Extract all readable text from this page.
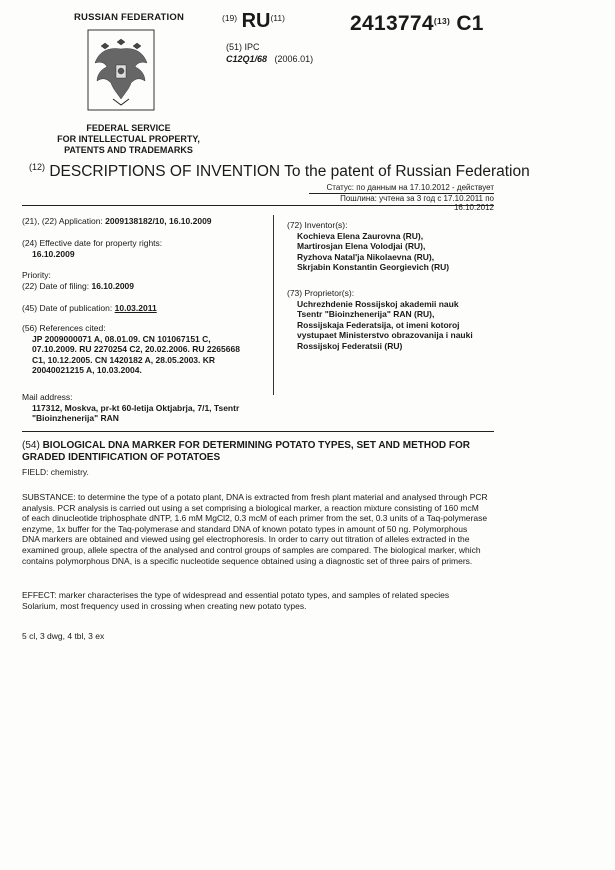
RUSSIAN FEDERATION
FEDERAL SERVICE
FOR INTELLECTUAL PROPERTY,
PATENTS AND TRADEMARKS
$^{(19)}$ RU$^{(11)}$	2413774$^{(13)}$ C1
(51) IPC
C12Q1/68 (2006.01)
$^{(12)}$ DESCRIPTIONS OF INVENTION To the patent of Russian Federation
Статус: по данным на 17.10.2012 - действует
Пошлина: учтена за 3 год с 17.10.2011 по 16.10.2012
(21), (22) Application: 2009138182/10, 16.10.2009
(24) Effective date for property rights:
16.10.2009
Priority:
(22) Date of filing: 16.10.2009
(45) Date of publication: 10.03.2011
(56) References cited:
JP 2009000071 A, 08.01.09. CN 101067151 C,
07.10.2009. RU 2270254 C2, 20.02.2006. RU 2265668
C1, 10.12.2005. CN 1420182 A, 28.05.2003. KR
20040021215 A, 10.03.2004.
Mail address:
117312, Moskva, pr-kt 60-letija Oktjabrja, 7/1, Tsentr
"Bioinzhenerija" RAN
(72) Inventor(s):
Kochieva Elena Zaurovna (RU),
Martirosjan Elena Volodjai (RU),
Ryzhova Natal'ja Nikolaevna (RU),
Skrjabin Konstantin Georgievich (RU)
(73) Proprietor(s):
Uchrezhdenie Rossijskoj akademii nauk
Tsentr "Bioinzhenerija" RAN (RU),
Rossijskaja Federatsija, ot imeni kotoroj
vystupaet Ministerstvo obrazovanija i nauki
Rossijskoj Federatsii (RU)
(54) BIOLOGICAL DNA MARKER FOR DETERMINING POTATO TYPES, SET AND METHOD FOR
GRADED IDENTIFICATION OF POTATOES
FIELD: chemistry.
SUBSTANCE: to determine the type of a potato plant, DNA is extracted from fresh plant material and analysed through PCR
analysis. PCR analysis is carried out using a set comprising a biological marker, a reaction mixture consisting of 160 mcM
of each dinucleotide triphosphate dNTP, 1.6 mM MgCl2, 0.3 mcM of each primer from the set, 0.3 units of a Taq-polymerase
enzyme, 1x buffer for the Taq-polymerase and standard DNA of known potato types in amount of 50 ng. Polymorphous
DNA markers are obtained and viewed using gel electrophoresis. In order to carry out titration of alleles extracted in the
examined group, allele spectra of the analysed and control groups of samples are compared. The biological marker, which
contains polymorphous DNA, is a specific nucleotide sequence obtained using a diagnostic set of three pairs of primers.
EFFECT: marker characterises the type of widespread and essential potato types, and samples of related species
Solarium, most frequency used in crossing when creating new potato types.
5 cl, 3 dwg, 4 tbl, 3 ex
